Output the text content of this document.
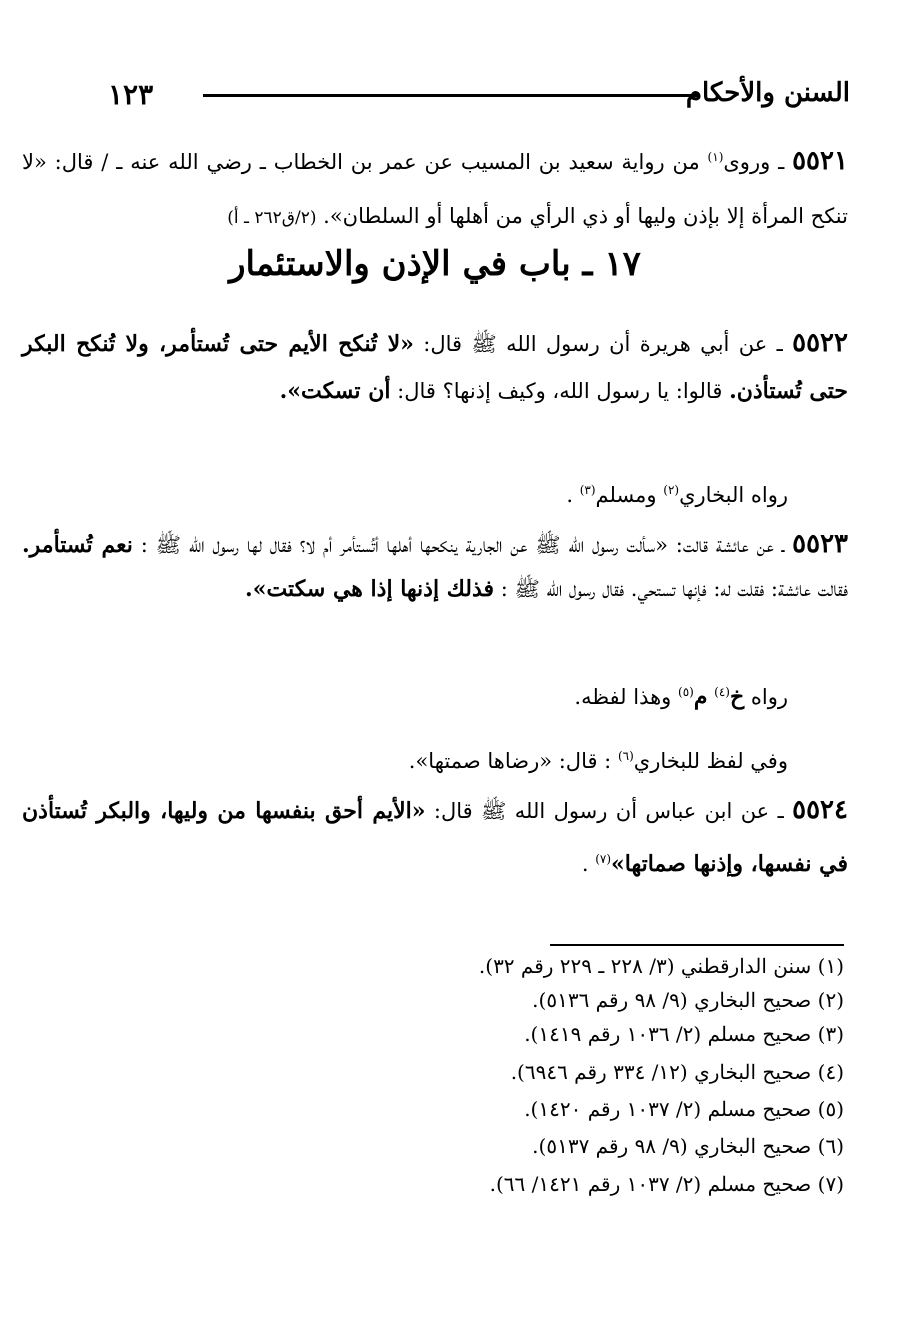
السنن والأحكام
١٢٣
٥٥٢١ ـ وروى$^{(١)}$ من رواية سعيد بن المسيب عن عمر بن الخطاب ـ رضي الله عنه ـ / قال: «لا تنكح المرأة إلا بإذن وليها أو ذي الرأي من أهلها أو السلطان». (٢/ق٢٦٢ ـ أ)
١٧ ـ باب في الإذن والاستئمار
٥٥٢٢ ـ عن أبي هريرة أن رسول الله ﷺ قال: «لا تُنكح الأيم حتى تُستأمر، ولا تُنكح البكر حتى تُستأذن. قالوا: يا رسول الله، وكيف إذنها؟ قال: أن تسكت».
رواه البخاري$^{(٢)}$ ومسلم$^{(٣)}$ .
٥٥٢٣ ـ عن عائشة قالت: «سألت رسول الله ﷺ عن الجارية ينكحها أهلها أتُستأمر أم لا؟ فقال لها رسول الله ﷺ : نعم تُستأمر. فقالت عائشة: فقلت له: فإنها تستحي. فقال رسول الله ﷺ : فذلك إذنها إذا هي سكتت».
رواه خ$^{(٤)}$ م$^{(٥)}$ وهذا لفظه.
وفي لفظ للبخاري$^{(٦)}$ : قال: «رضاها صمتها».
٥٥٢٤ ـ عن ابن عباس أن رسول الله ﷺ قال: «الأيم أحق بنفسها من وليها، والبكر تُستأذن في نفسها، وإذنها صماتها»$^{(٧)}$ .
(١) سنن الدارقطني (٣/ ٢٢٨ ـ ٢٢٩ رقم ٣٢).
(٢) صحيح البخاري (٩/ ٩٨ رقم ٥١٣٦).
(٣) صحيح مسلم (٢/ ١٠٣٦ رقم ١٤١٩).
(٤) صحيح البخاري (١٢/ ٣٣٤ رقم ٦٩٤٦).
(٥) صحيح مسلم (٢/ ١٠٣٧ رقم ١٤٢٠).
(٦) صحيح البخاري (٩/ ٩٨ رقم ٥١٣٧).
(٧) صحيح مسلم (٢/ ١٠٣٧ رقم ١٤٢١/ ٦٦).
